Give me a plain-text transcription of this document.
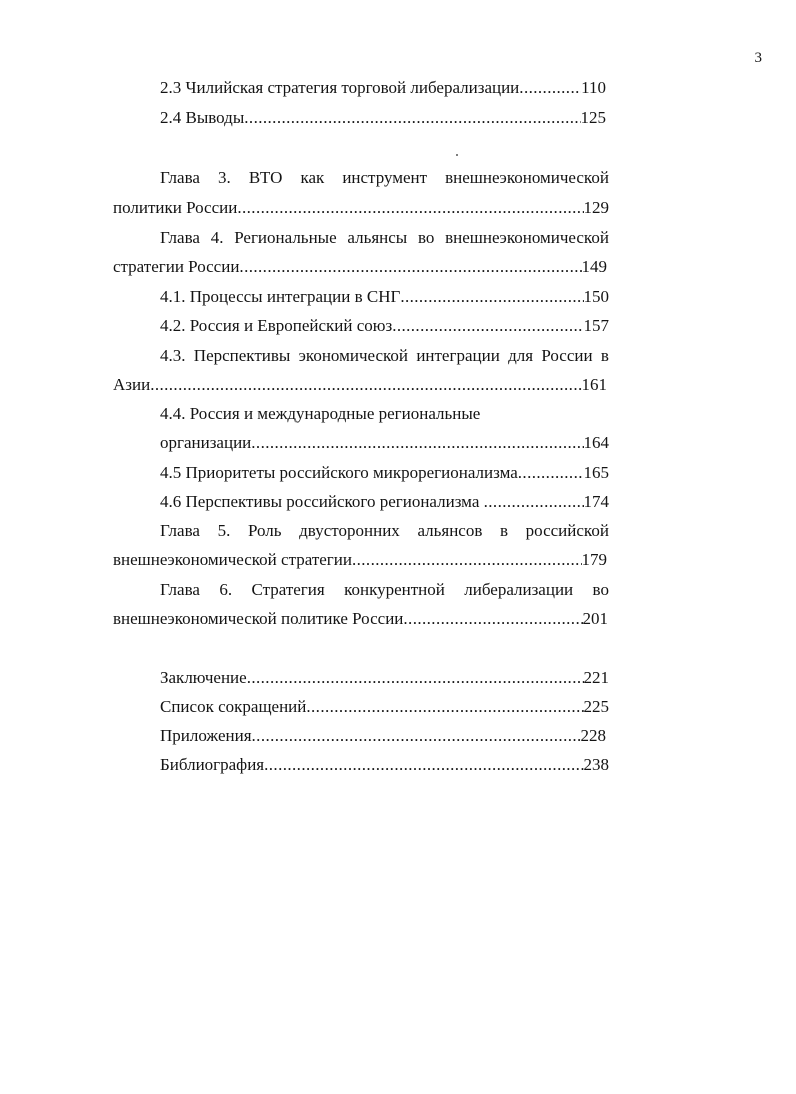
3
2.3 Чилийская стратегия торговой либерализации .....	110
2.4 Выводы .....	125
Глава 3. ВТО как инструмент внешнеэкономической
политики России .....	129
Глава 4. Региональные альянсы во внешнеэкономической
стратегии России .....	149
4.1. Процессы интеграции в СНГ .....	150
4.2. Россия и Европейский союз .....	157
4.3. Перспективы экономической интеграции для России в
Азии .....	161
4.4. Россия и международные региональные
организации .....	164
4.5 Приоритеты российского микрорегионализма .....	165
4.6 Перспективы российского регионализма .....	174
Глава 5. Роль двусторонних альянсов в российской
внешнеэкономической стратегии .....	179
Глава 6. Стратегия конкурентной либерализации во
внешнеэкономической политике России .....	201
Заключение .....	221
Список сокращений .....	225
Приложения .....	228
Библиография .....	238
